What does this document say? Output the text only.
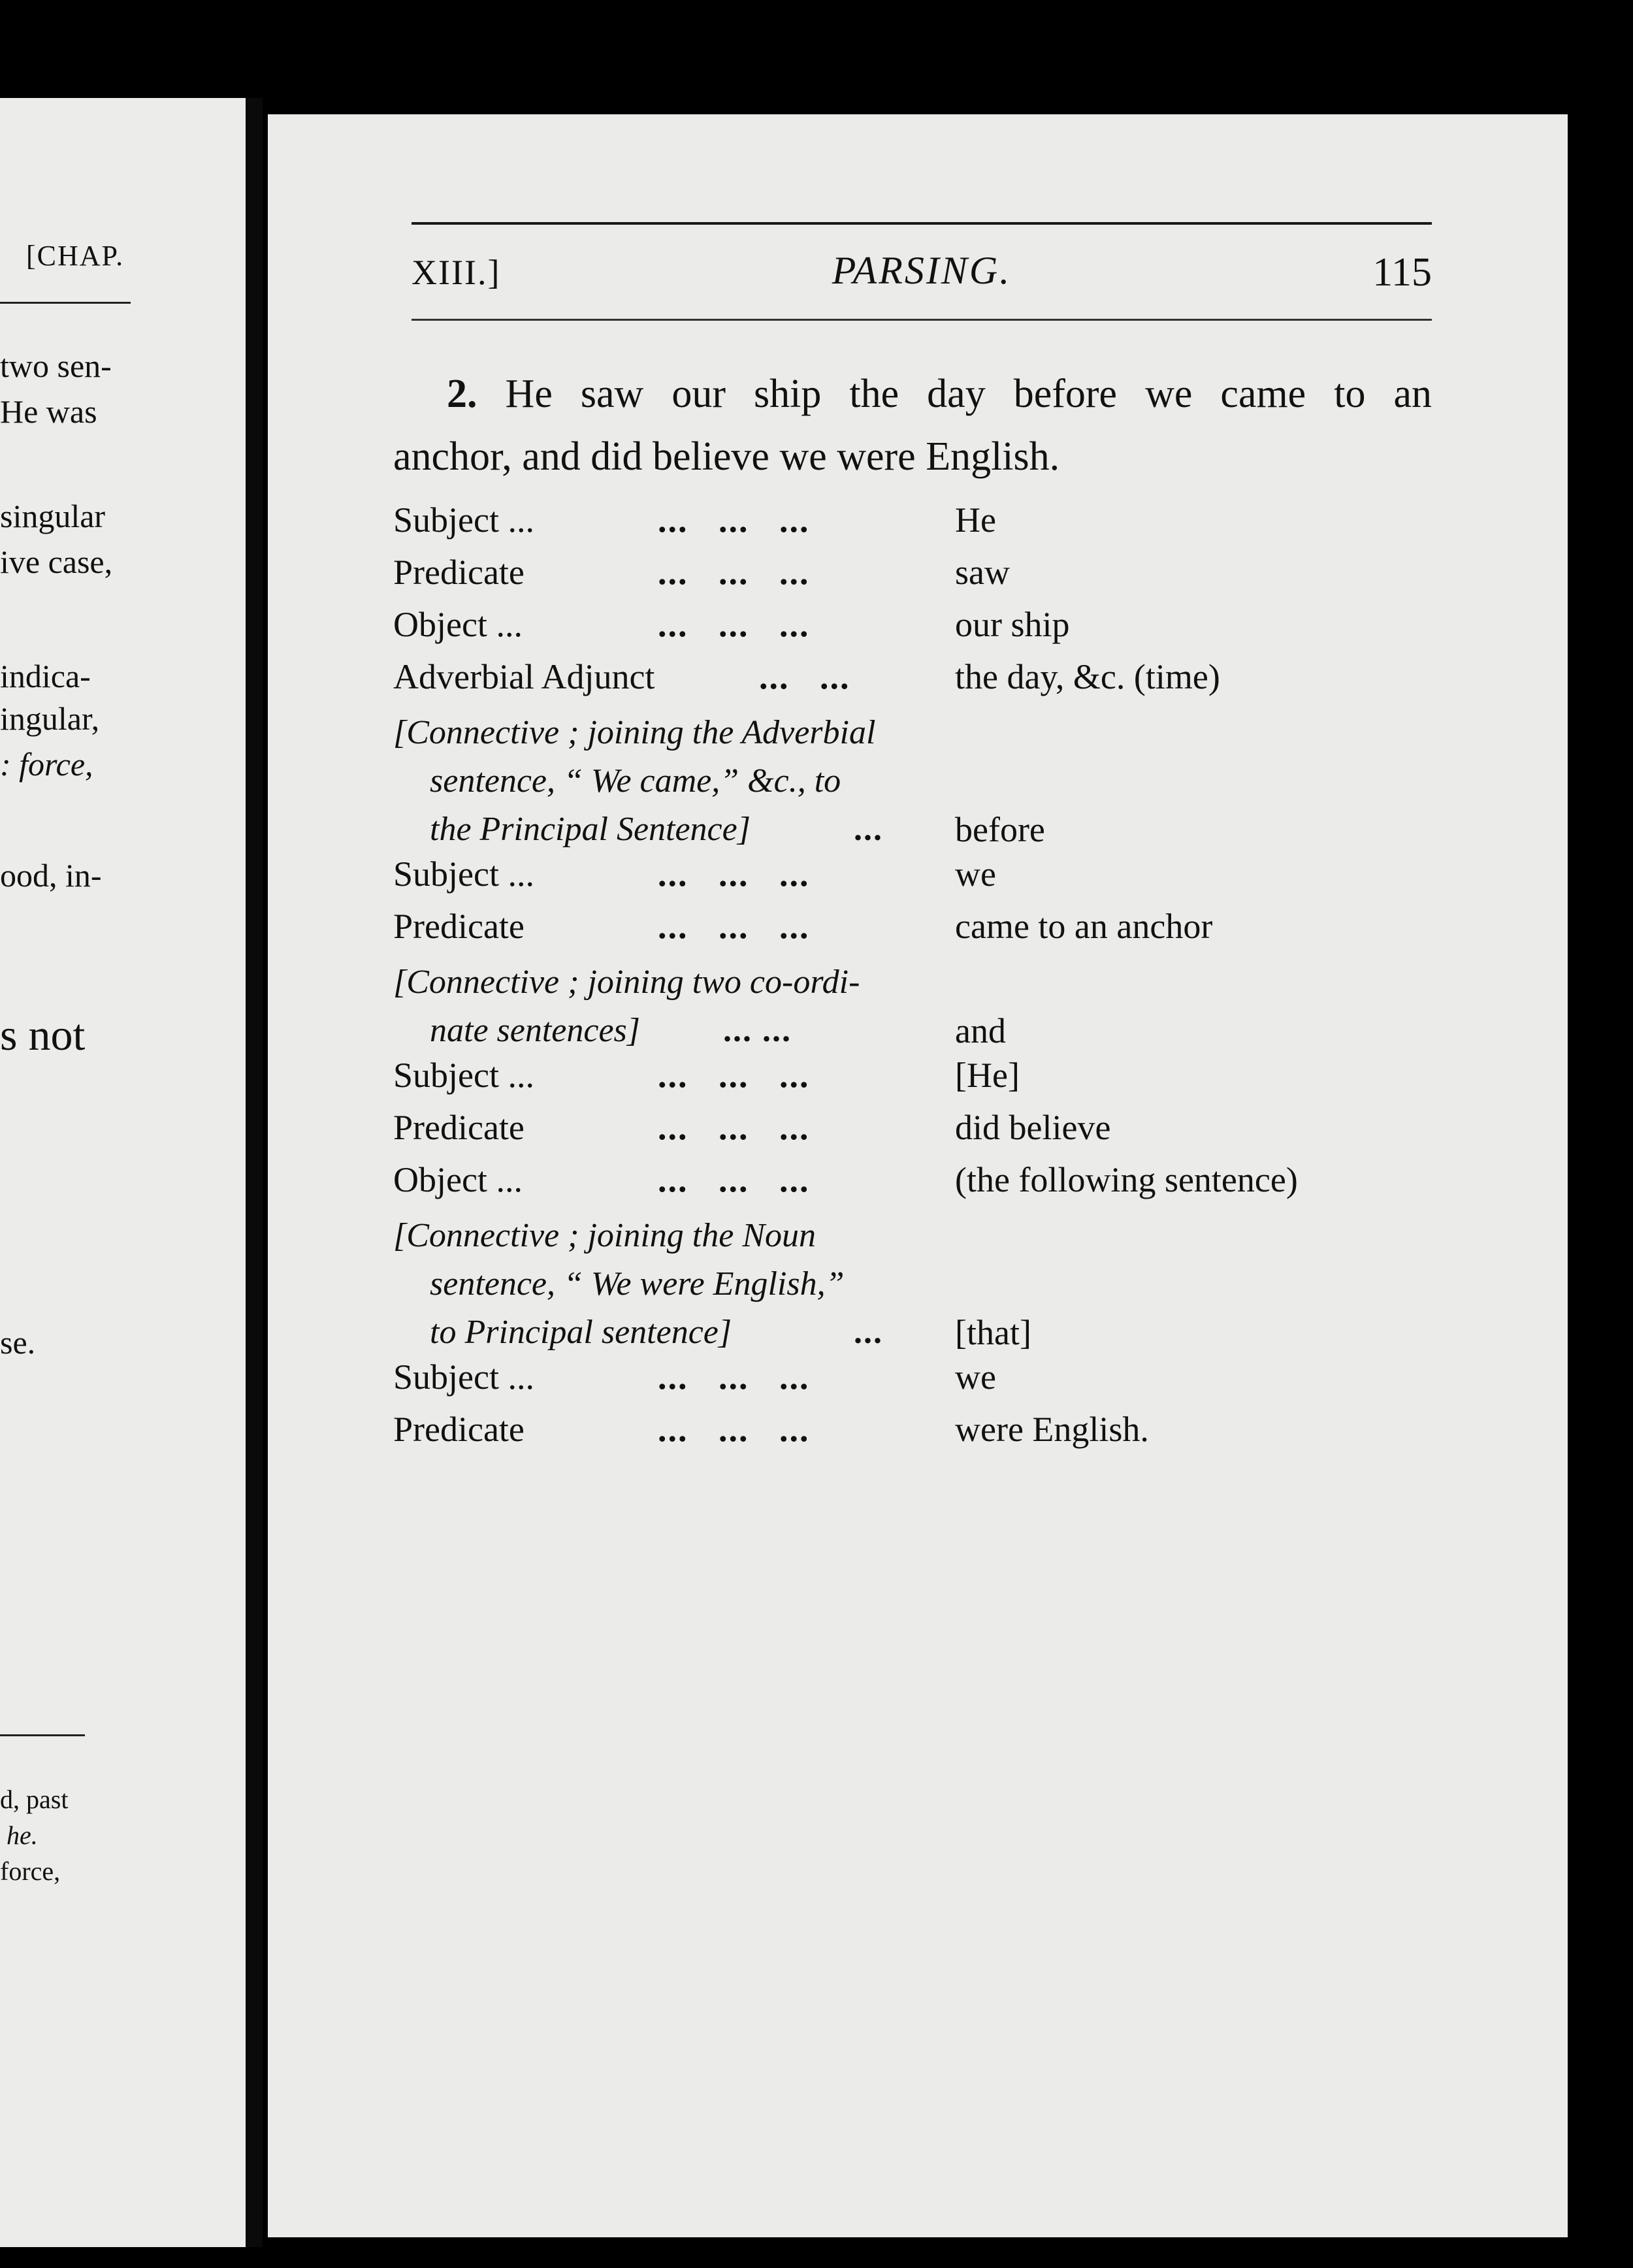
[CHAP.
two sen-
He was
singular
ive case,
indica-
ingular,
: force,
ood, in-
s not
se.
d, past
he.
force,
XIII.]	PARSING.	115
2. He saw our ship the day before we came to an
anchor, and did believe we were English.
Subject ...	...   ...   ...	He
Predicate	...   ...   ...	saw
Object ...	...   ...   ...	our ship
Adverbial Adjunct	...   ...	the day, &c. (time)
[Connective ; joining the Adverbial
sentence, “ We came,” &c., to
the Principal Sentence]	... before
Subject ...	...   ...   ...	we
Predicate	...   ...   ...	came to an anchor
[Connective ; joining two co-ordi-
nate sentences] ... ...	and
Subject ...	...   ...   ...	[He]
Predicate	...   ...   ...	did believe
Object ...	...   ...   ...	(the following sentence)
[Connective ; joining the Noun
sentence, “ We were English,”
to Principal sentence]	... [that]
Subject ...	...   ...   ...	we
Predicate	...   ...   ...	were English.
